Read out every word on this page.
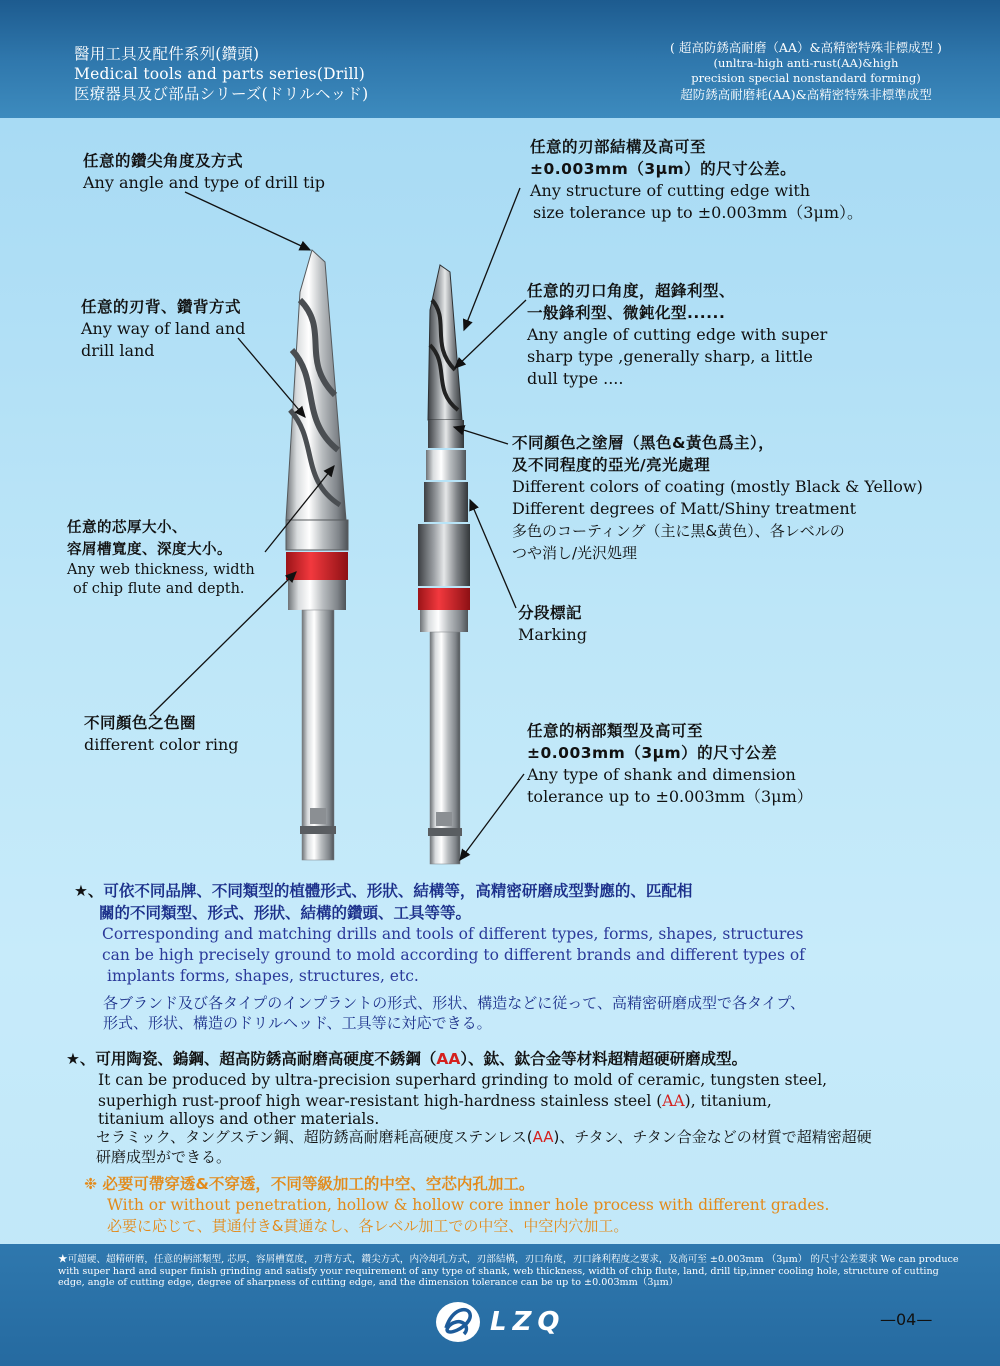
醫用工具及配件系列(鑽頭)
Medical tools and parts series(Drill)
医療器具及び部品シリーズ(ドリルヘッド)
( 超高防銹高耐磨（AA）&高精密特殊非標成型 )
(unltra-high anti-rust(AA)&high
precision special nonstandard forming)
超防銹高耐磨耗(AA)&高精密特殊非標準成型
任意的鑽尖角度及方式
Any angle and type of drill tip
任意的刃背、鑽背方式
Any way of land and
drill land
任意的芯厚大小、
容屑槽寬度、深度大小。
Any web thickness, width
of chip flute and depth.
不同顏色之色圈
different color ring
任意的刃部結構及高可至
±0.003mm（3μm）的尺寸公差。
Any structure of cutting edge with
size tolerance up to ±0.003mm（3μm）。
任意的刃口角度，超鋒利型、
一般鋒利型、微鈍化型......
Any angle of cutting edge with super
sharp type ,generally sharp, a little
dull type ....
不同顏色之塗層（黑色&黃色爲主），
及不同程度的亞光/亮光處理
Different colors of coating (mostly Black & Yellow)
Different degrees of Matt/Shiny treatment
多色のコーティング（主に黒&黄色）、各レベルの
つや消し/光沢処理
分段標記
Marking
任意的柄部類型及高可至
±0.003mm（3μm）的尺寸公差
Any type of shank and dimension
tolerance up to ±0.003mm（3μm）
★、可依不同品牌、不同類型的植體形式、形狀、結構等，高精密研磨成型對應的、匹配相
關的不同類型、形式、形狀、結構的鑽頭、工具等等。
Corresponding and matching drills and tools of different types, forms, shapes, structures
can be high precisely ground to mold according to different brands and different types of
implants forms, shapes, structures, etc.
各ブランド及び各タイプのインプラントの形式、形状、構造などに従って、高精密研磨成型で各タイプ、
形式、形状、構造のドリルヘッド、工具等に対応できる。
★、可用陶瓷、鎢鋼、超高防銹高耐磨高硬度不銹鋼（AA）、鈦、鈦合金等材料超精超硬研磨成型。
It can be produced by ultra-precision superhard grinding to mold of ceramic, tungsten steel,
superhigh rust-proof high wear-resistant high-hardness stainless steel (AA), titanium,
titanium alloys and other materials.
セラミック、タングステン鋼、超防銹高耐磨耗高硬度ステンレス(AA)、チタン、チタン合金などの材質で超精密超硬
研磨成型ができる。
❉ 必要可帶穿透&不穿透，不同等級加工的中空、空芯内孔加工。
With or without penetration, hollow & hollow core inner hole process with different grades.
必要に応じて、貫通付き&貫通なし、各レベル加工での中空、中空内穴加工。
★可超硬、超精研磨，任意的柄部類型, 芯厚，容屑槽寬度，刃背方式，鑽尖方式，内冷却孔方式，刃部結構，刃口角度，刃口鋒利程度之要求，及高可至 ±0.003mm （3μm） 的尺寸公差要求 We can produce with super hard and super finish grinding and satisfy your requirement of any type of shank, web thickness, width of chip flute, land, drill tip,inner cooling hole, structure of cutting edge, angle of cutting edge, degree of sharpness of cutting edge, and the dimension tolerance can be up to ±0.003mm（3μm）
LZQ	—04—
